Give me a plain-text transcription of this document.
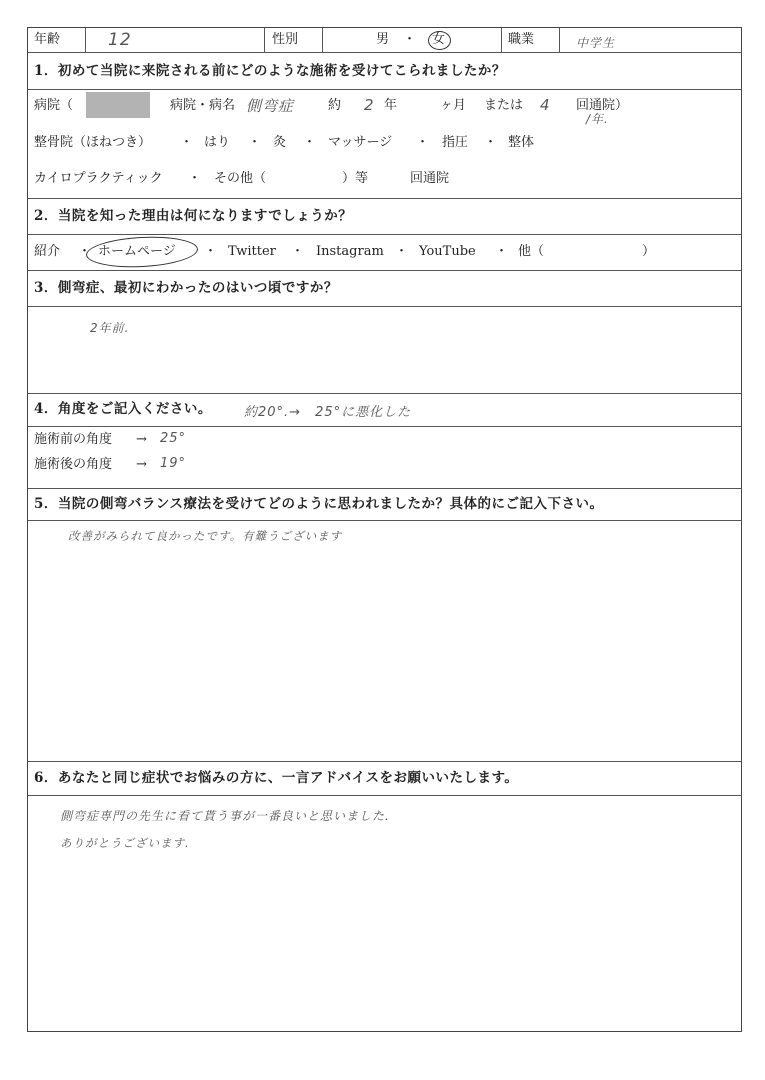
年齢	12	性別	男 ・ 女	職業	中学生
1．初めて当院に来院される前にどのような施術を受けてこられましたか？
病院（	病院・病名 側弯症	約 2 年	ヶ月 または 4 回通院）
/年.
整骨院（ほねつき） ・ はり ・ 灸 ・ マッサージ ・ 指圧 ・ 整体
カイロプラクティック ・ その他（	）等	回通院
2．当院を知った理由は何になりますでしょうか？
紹介 ・ ホームページ ・ Twitter ・ Instagram ・ YouTube ・ 他（	）
3．側弯症、最初にわかったのはいつ頃ですか？
2年前.
4．角度をご記入ください。 約20°.→　25°に悪化した
施術前の角度 → 25°
施術後の角度 → 19°
5．当院の側弯バランス療法を受けてどのように思われましたか？具体的にご記入下さい。
改善がみられて良かったです。有難うございます
6．あなたと同じ症状でお悩みの方に、一言アドバイスをお願いいたします。
側弯症専門の先生に看て貰う事が一番良いと思いました.
ありがとうございます.
